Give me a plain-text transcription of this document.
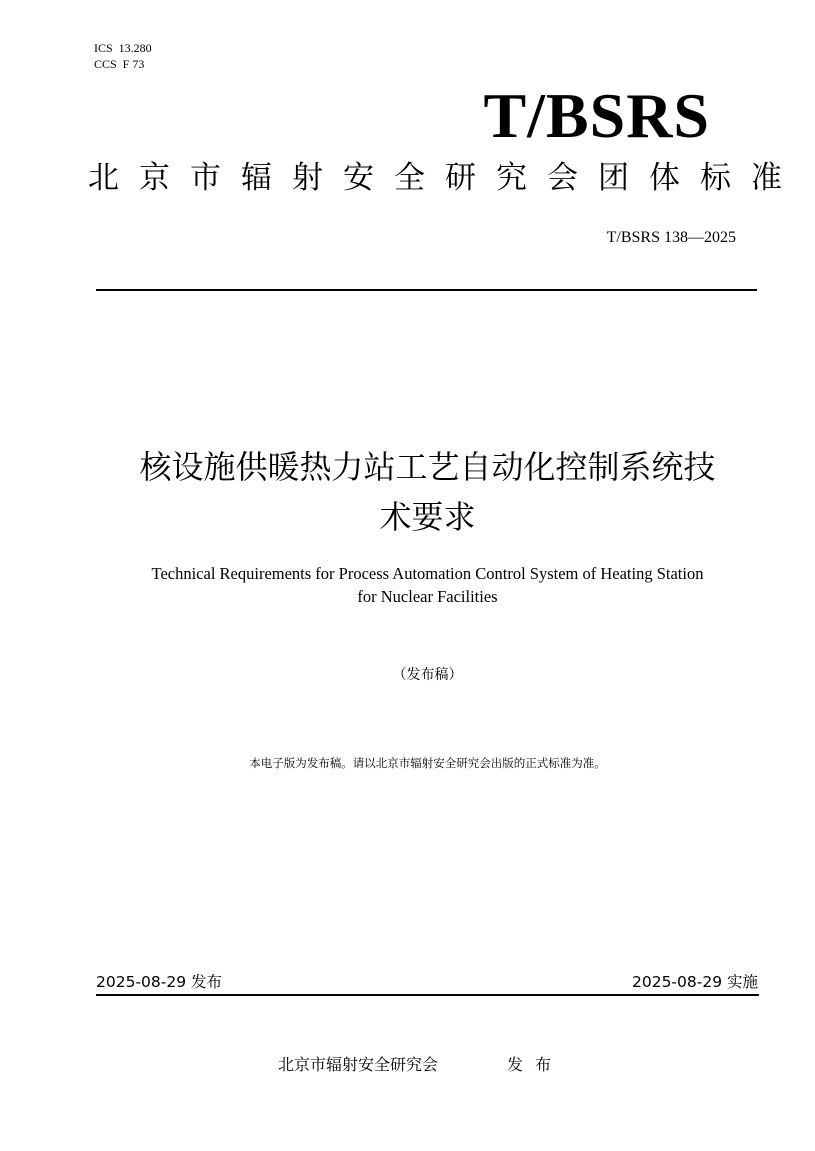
ICS  13.280
CCS  F 73
T/BSRS
北京市辐射安全研究会团体标准
T/BSRS 138—2025
核设施供暖热力站工艺自动化控制系统技
术要求
Technical Requirements for Process Automation Control System of Heating Station
for Nuclear Facilities
（发布稿）
本电子版为发布稿。请以北京市辐射安全研究会出版的正式标准为准。
2025-08-29 发布	2025-08-29 实施
北京市辐射安全研究会	发布
